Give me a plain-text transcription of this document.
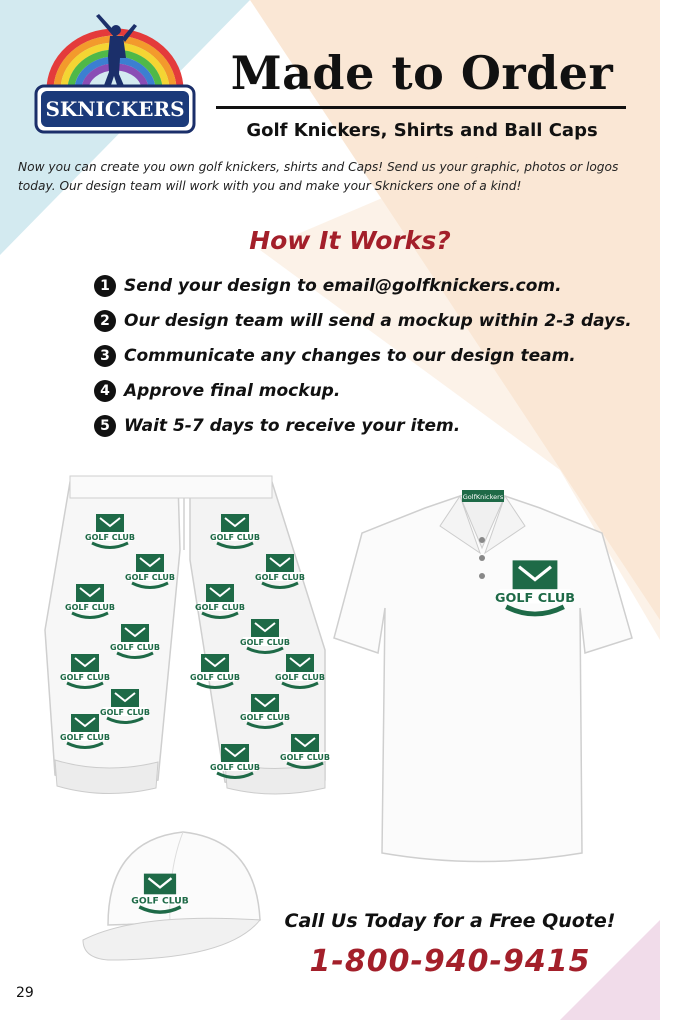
SKNICKERS
Made to Order
Golf Knickers, Shirts and Ball Caps
Now you can create you own golf knickers, shirts and Caps! Send us your graphic, photos or logos today. Our design team will work with you and make your Sknickers one of a kind!
How It Works?
1 Send your design to email@golfknickers.com.
2 Our design team will send a mockup within 2-3 days.
3 Communicate any changes to our design team.
4 Approve final mockup.
5 Wait 5-7 days to receive your item.
GOLF CLUB
GolfKnickers
Call Us Today for a Free Quote!
1-800-940-9415
29
